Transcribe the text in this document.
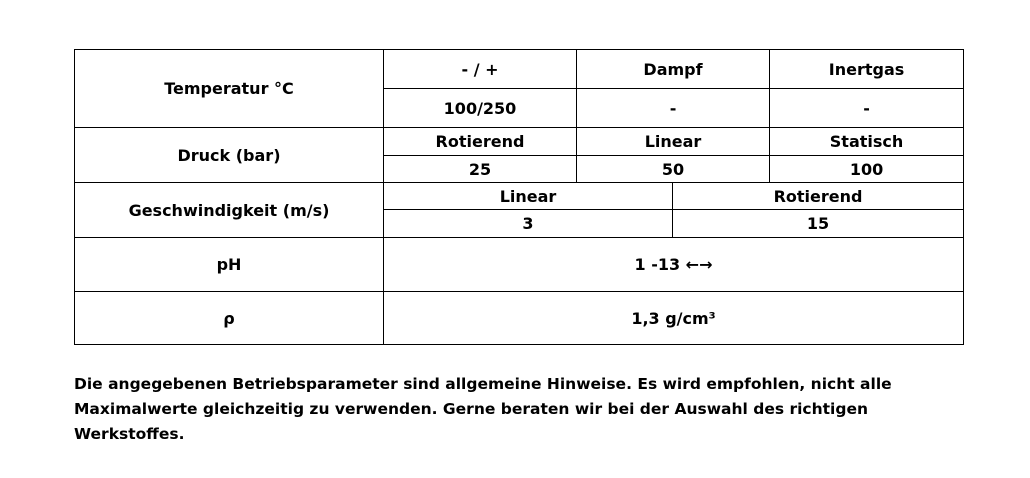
Temperatur °C	- / +	Dampf		Inertgas
	100/250	-		-
Druck (bar)	Rotierend	Linear		Statisch
	25	50		100
Geschwindigkeit (m/s)	Linear		Rotierend	
	3		15	
pH	1 -13 ←→			
ρ	1,3 g/cm³			

Die angegebenen Betriebsparameter sind allgemeine Hinweise. Es wird empfohlen, nicht alle
Maximalwerte gleichzeitig zu verwenden. Gerne beraten wir bei der Auswahl des richtigen
Werkstoffes.
